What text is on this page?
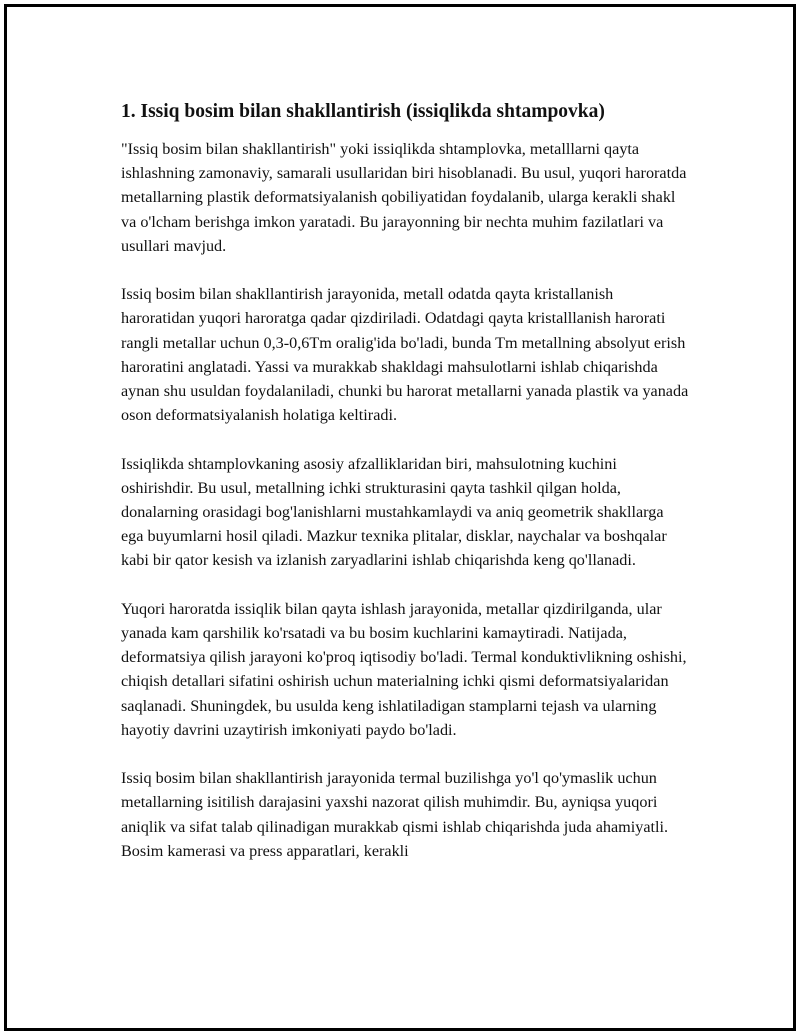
1. Issiq bosim bilan shakllantirish (issiqlikda shtampovka)

"Issiq bosim bilan shakllantirish" yoki issiqlikda shtamplovka, metalllarni qayta ishlashning zamonaviy, samarali usullaridan biri hisoblanadi. Bu usul, yuqori haroratda metallarning plastik deformatsiyalanish qobiliyatidan foydalanib, ularga kerakli shakl va o'lcham berishga imkon yaratadi. Bu jarayonning bir nechta muhim fazilatlari va usullari mavjud.

Issiq bosim bilan shakllantirish jarayonida, metall odatda qayta kristallanish haroratidan yuqori haroratga qadar qizdiriladi. Odatdagi qayta kristalllanish harorati rangli metallar uchun 0,3-0,6Tm oralig'ida bo'ladi, bunda Tm metallning absolyut erish haroratini anglatadi. Yassi va murakkab shakldagi mahsulotlarni ishlab chiqarishda aynan shu usuldan foydalaniladi, chunki bu harorat metallarni yanada plastik va yanada oson deformatsiyalanish holatiga keltiradi.

Issiqlikda shtamplovkaning asosiy afzalliklaridan biri, mahsulotning kuchini oshirishdir. Bu usul, metallning ichki strukturasini qayta tashkil qilgan holda, donalarning orasidagi bog'lanishlarni mustahkamlaydi va aniq geometrik shakllarga ega buyumlarni hosil qiladi. Mazkur texnika plitalar, disklar, naychalar va boshqalar kabi bir qator kesish va izlanish zaryadlarini ishlab chiqarishda keng qo'llanadi.

Yuqori haroratda issiqlik bilan qayta ishlash jarayonida, metallar qizdirilganda, ular yanada kam qarshilik ko'rsatadi va bu bosim kuchlarini kamaytiradi. Natijada, deformatsiya qilish jarayoni ko'proq iqtisodiy bo'ladi. Termal konduktivlikning oshishi, chiqish detallari sifatini oshirish uchun materialning ichki qismi deformatsiyalaridan saqlanadi. Shuningdek, bu usulda keng ishlatiladigan stamplarni tejash va ularning hayotiy davrini uzaytirish imkoniyati paydo bo'ladi.

Issiq bosim bilan shakllantirish jarayonida termal buzilishga yo'l qo'ymaslik uchun metallarning isitilish darajasini yaxshi nazorat qilish muhimdir. Bu, ayniqsa yuqori aniqlik va sifat talab qilinadigan murakkab qismi ishlab chiqarishda juda ahamiyatli. Bosim kamerasi va press apparatlari, kerakli
